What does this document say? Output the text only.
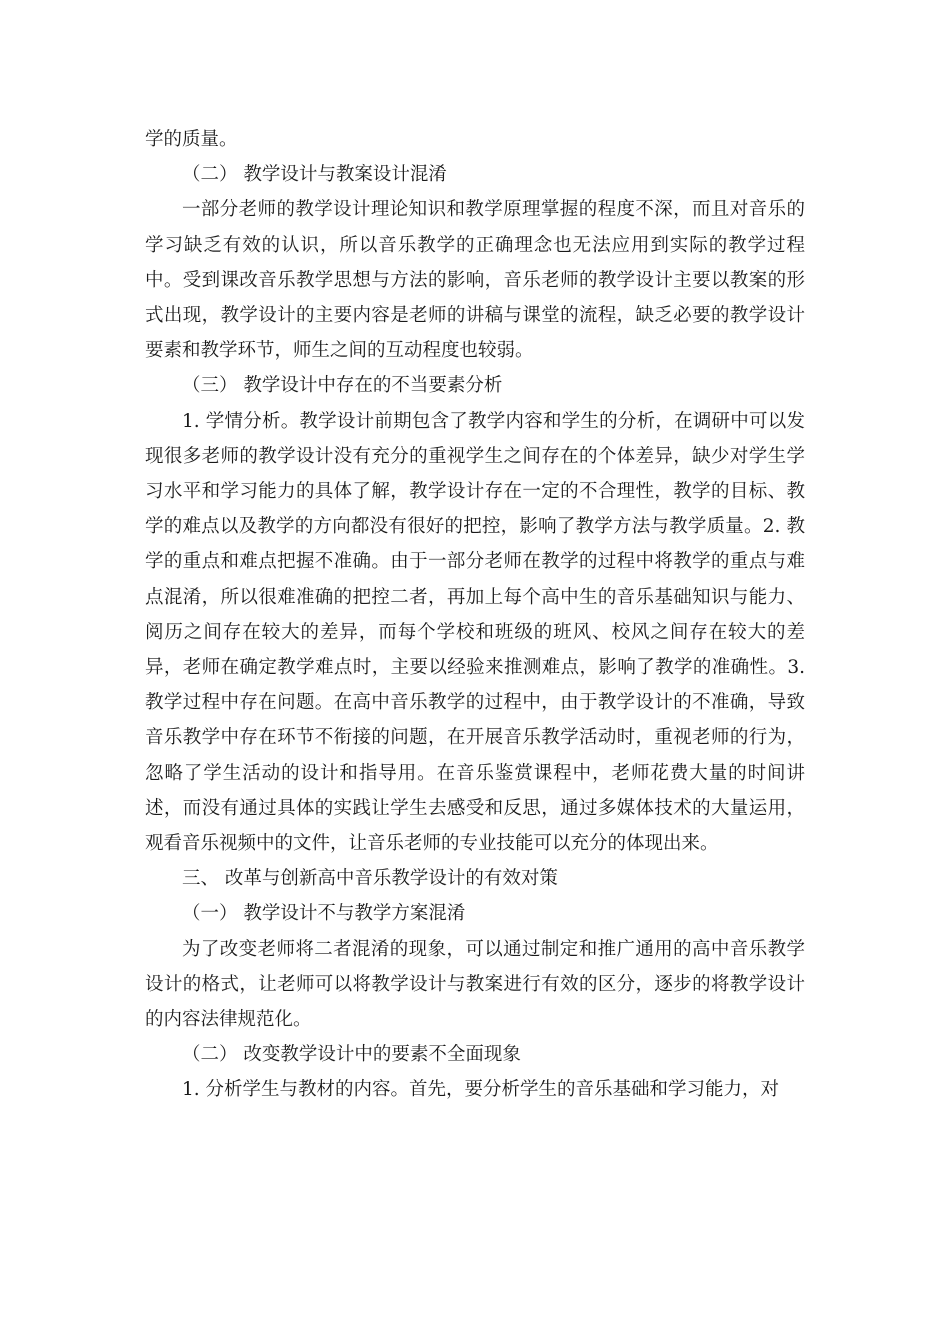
学的质量。

（二） 教学设计与教案设计混淆

一部分老师的教学设计理论知识和教学原理掌握的程度不深，而且对音乐的学习缺乏有效的认识，所以音乐教学的正确理念也无法应用到实际的教学过程中。受到课改音乐教学思想与方法的影响，音乐老师的教学设计主要以教案的形式出现，教学设计的主要内容是老师的讲稿与课堂的流程，缺乏必要的教学设计要素和教学环节，师生之间的互动程度也较弱。

（三） 教学设计中存在的不当要素分析

1. 学情分析。教学设计前期包含了教学内容和学生的分析，在调研中可以发现很多老师的教学设计没有充分的重视学生之间存在的个体差异，缺少对学生学习水平和学习能力的具体了解，教学设计存在一定的不合理性，教学的目标、教学的难点以及教学的方向都没有很好的把控，影响了教学方法与教学质量。2. 教学的重点和难点把握不准确。由于一部分老师在教学的过程中将教学的重点与难点混淆，所以很难准确的把控二者，再加上每个高中生的音乐基础知识与能力、阅历之间存在较大的差异，而每个学校和班级的班风、校风之间存在较大的差异，老师在确定教学难点时，主要以经验来推测难点，影响了教学的准确性。3. 教学过程中存在问题。在高中音乐教学的过程中，由于教学设计的不准确，导致音乐教学中存在环节不衔接的问题，在开展音乐教学活动时，重视老师的行为，忽略了学生活动的设计和指导用。在音乐鉴赏课程中，老师花费大量的时间讲述，而没有通过具体的实践让学生去感受和反思，通过多媒体技术的大量运用，观看音乐视频中的文件，让音乐老师的专业技能可以充分的体现出来。

三、 改革与创新高中音乐教学设计的有效对策

（一） 教学设计不与教学方案混淆

为了改变老师将二者混淆的现象，可以通过制定和推广通用的高中音乐教学设计的格式，让老师可以将教学设计与教案进行有效的区分，逐步的将教学设计的内容法律规范化。

（二） 改变教学设计中的要素不全面现象

1. 分析学生与教材的内容。首先，要分析学生的音乐基础和学习能力，对
